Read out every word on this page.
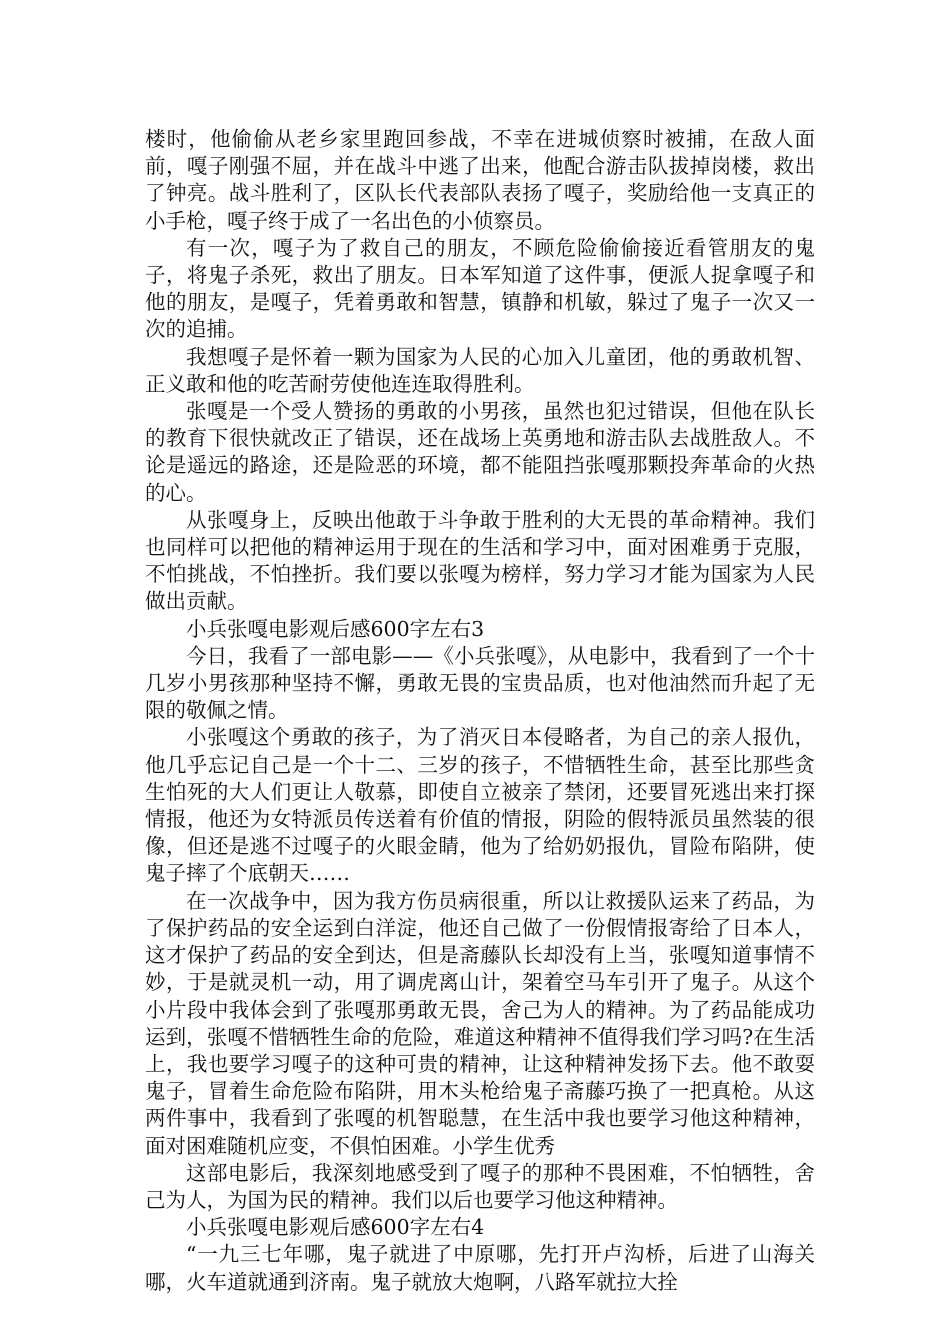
楼时，他偷偷从老乡家里跑回参战，不幸在进城侦察时被捕，在敌人面前，嘎子刚强不屈，并在战斗中逃了出来，他配合游击队拔掉岗楼，救出了钟亮。战斗胜利了，区队长代表部队表扬了嘎子，奖励给他一支真正的小手枪，嘎子终于成了一名出色的小侦察员。

有一次，嘎子为了救自己的朋友，不顾危险偷偷接近看管朋友的鬼子，将鬼子杀死，救出了朋友。日本军知道了这件事，便派人捉拿嘎子和他的朋友，是嘎子，凭着勇敢和智慧，镇静和机敏，躲过了鬼子一次又一次的追捕。

我想嘎子是怀着一颗为国家为人民的心加入儿童团，他的勇敢机智、正义敢和他的吃苦耐劳使他连连取得胜利。

张嘎是一个受人赞扬的勇敢的小男孩，虽然也犯过错误，但他在队长的教育下很快就改正了错误，还在战场上英勇地和游击队去战胜敌人。不论是遥远的路途，还是险恶的环境，都不能阻挡张嘎那颗投奔革命的火热的心。

从张嘎身上，反映出他敢于斗争敢于胜利的大无畏的革命精神。我们也同样可以把他的精神运用于现在的生活和学习中，面对困难勇于克服，不怕挑战，不怕挫折。我们要以张嘎为榜样，努力学习才能为国家为人民做出贡献。

小兵张嘎电影观后感600字左右3

今日，我看了一部电影——《小兵张嘎》，从电影中，我看到了一个十几岁小男孩那种坚持不懈，勇敢无畏的宝贵品质，也对他油然而升起了无限的敬佩之情。

小张嘎这个勇敢的孩子，为了消灭日本侵略者，为自己的亲人报仇，他几乎忘记自己是一个十二、三岁的孩子，不惜牺牲生命，甚至比那些贪生怕死的大人们更让人敬慕，即使自立被亲了禁闭，还要冒死逃出来打探情报，他还为女特派员传送着有价值的情报，阴险的假特派员虽然装的很像，但还是逃不过嘎子的火眼金睛，他为了给奶奶报仇，冒险布陷阱，使鬼子摔了个底朝天……

在一次战争中，因为我方伤员病很重，所以让救援队运来了药品，为了保护药品的安全运到白洋淀，他还自己做了一份假情报寄给了日本人，这才保护了药品的安全到达，但是斋藤队长却没有上当，张嘎知道事情不妙，于是就灵机一动，用了调虎离山计，架着空马车引开了鬼子。从这个小片段中我体会到了张嘎那勇敢无畏，舍己为人的精神。为了药品能成功运到，张嘎不惜牺牲生命的危险，难道这种精神不值得我们学习吗?在生活上，我也要学习嘎子的这种可贵的精神，让这种精神发扬下去。他不敢耍鬼子，冒着生命危险布陷阱，用木头枪给鬼子斋藤巧换了一把真枪。从这两件事中，我看到了张嘎的机智聪慧，在生活中我也要学习他这种精神，面对困难随机应变，不俱怕困难。小学生优秀

这部电影后，我深刻地感受到了嘎子的那种不畏困难，不怕牺牲，舍己为人，为国为民的精神。我们以后也要学习他这种精神。

小兵张嘎电影观后感600字左右4

“一九三七年哪，鬼子就进了中原哪，先打开卢沟桥，后进了山海关哪，火车道就通到济南。鬼子就放大炮啊，八路军就拉大拴
